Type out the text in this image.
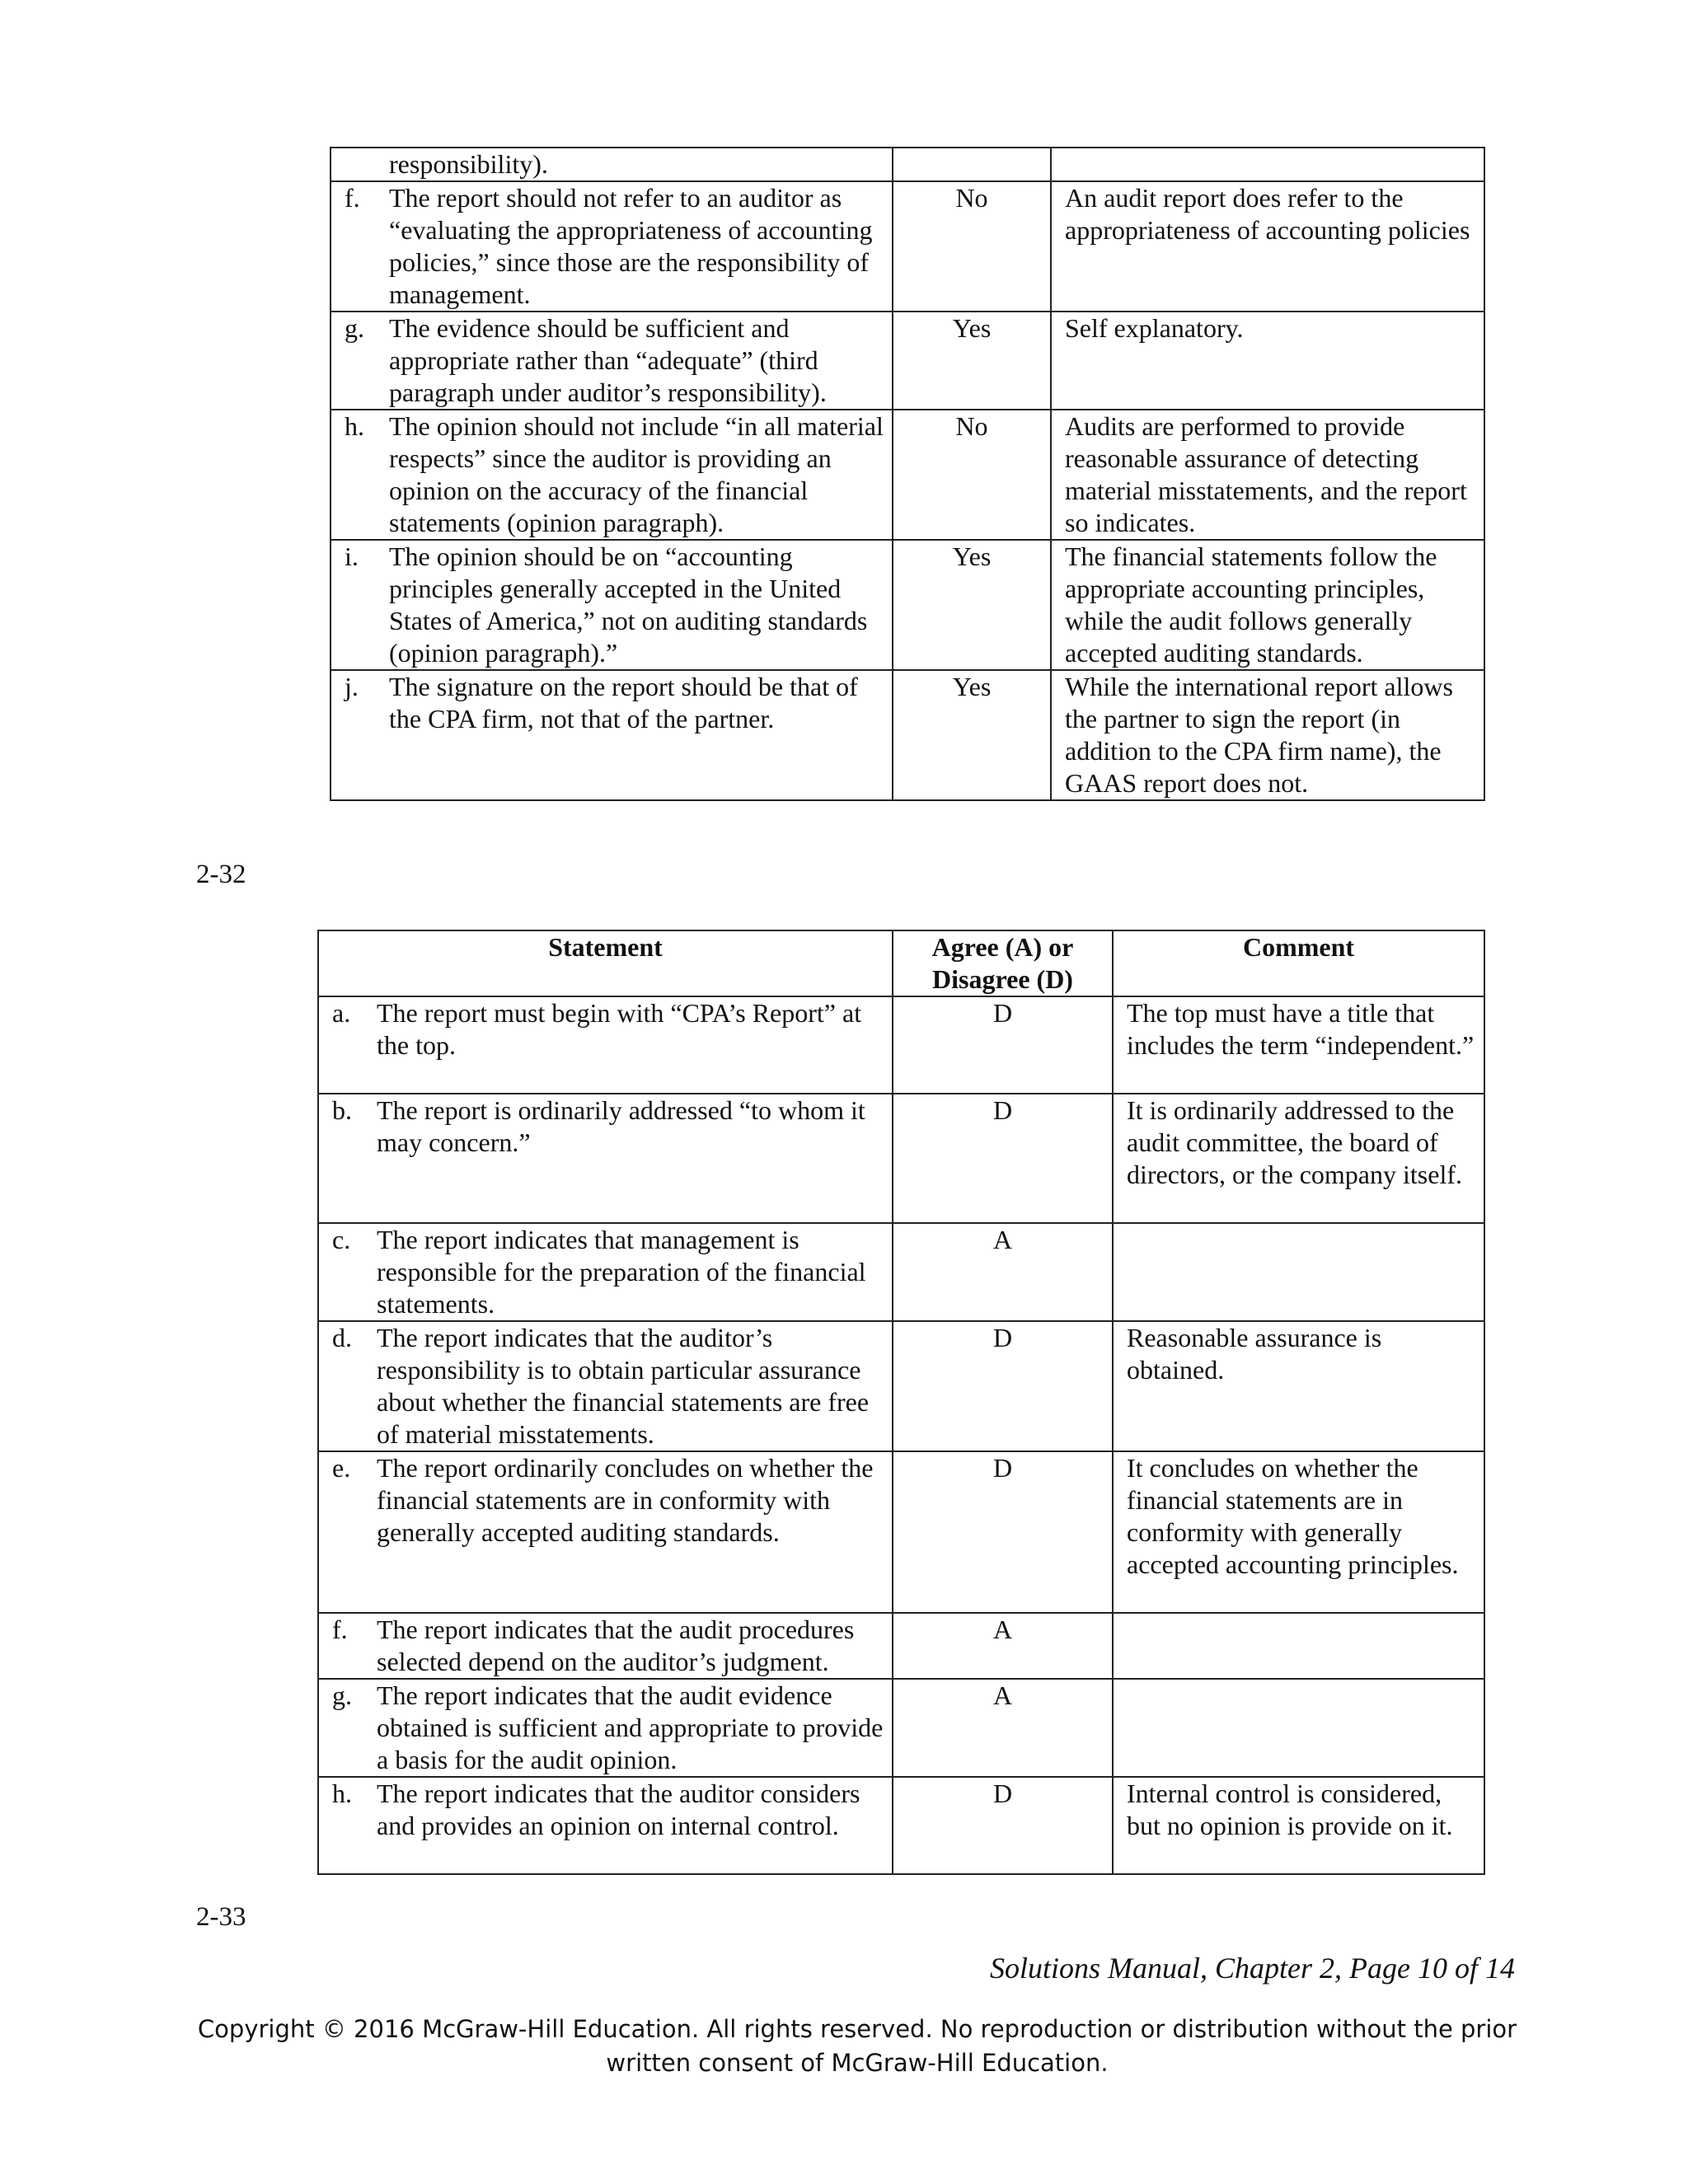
responsibility).		

f. The report should not refer to an auditor as “evaluating the appropriateness of accounting policies,” since those are the responsibility of management.	No	An audit report does refer to the appropriateness of accounting policies

g. The evidence should be sufficient and appropriate rather than “adequate” (third paragraph under auditor’s responsibility).	Yes	Self explanatory.

h. The opinion should not include “in all material respects” since the auditor is providing an opinion on the accuracy of the financial statements (opinion paragraph).	No	Audits are performed to provide reasonable assurance of detecting material misstatements, and the report so indicates.

i. The opinion should be on “accounting principles generally accepted in the United States of America,” not on auditing standards (opinion paragraph).”	Yes	The financial statements follow the appropriate accounting principles, while the audit follows generally accepted auditing standards.

j. The signature on the report should be that of the CPA firm, not that of the partner.	Yes	While the international report allows the partner to sign the report (in addition to the CPA firm name), the GAAS report does not.
2-32
Statement	Agree (A) or Disagree (D)	Comment

a. The report must begin with “CPA’s Report” at the top.	D	The top must have a title that includes the term “independent.”

b. The report is ordinarily addressed “to whom it may concern.”	D	It is ordinarily addressed to the audit committee, the board of directors, or the company itself.

c. The report indicates that management is responsible for the preparation of the financial statements.	A	

d. The report indicates that the auditor’s responsibility is to obtain particular assurance about whether the financial statements are free of material misstatements.	D	Reasonable assurance is obtained.

e. The report ordinarily concludes on whether the financial statements are in conformity with generally accepted auditing standards.	D	It concludes on whether the financial statements are in conformity with generally accepted accounting principles.

f. The report indicates that the audit procedures selected depend on the auditor’s judgment.	A	

g. The report indicates that the audit evidence obtained is sufficient and appropriate to provide a basis for the audit opinion.	A	

h. The report indicates that the auditor considers and provides an opinion on internal control.	D	Internal control is considered, but no opinion is provide on it.
2-33
Solutions Manual, Chapter 2, Page 10 of 14
Copyright © 2016 McGraw-Hill Education. All rights reserved. No reproduction or distribution without the prior written consent of McGraw-Hill Education.
